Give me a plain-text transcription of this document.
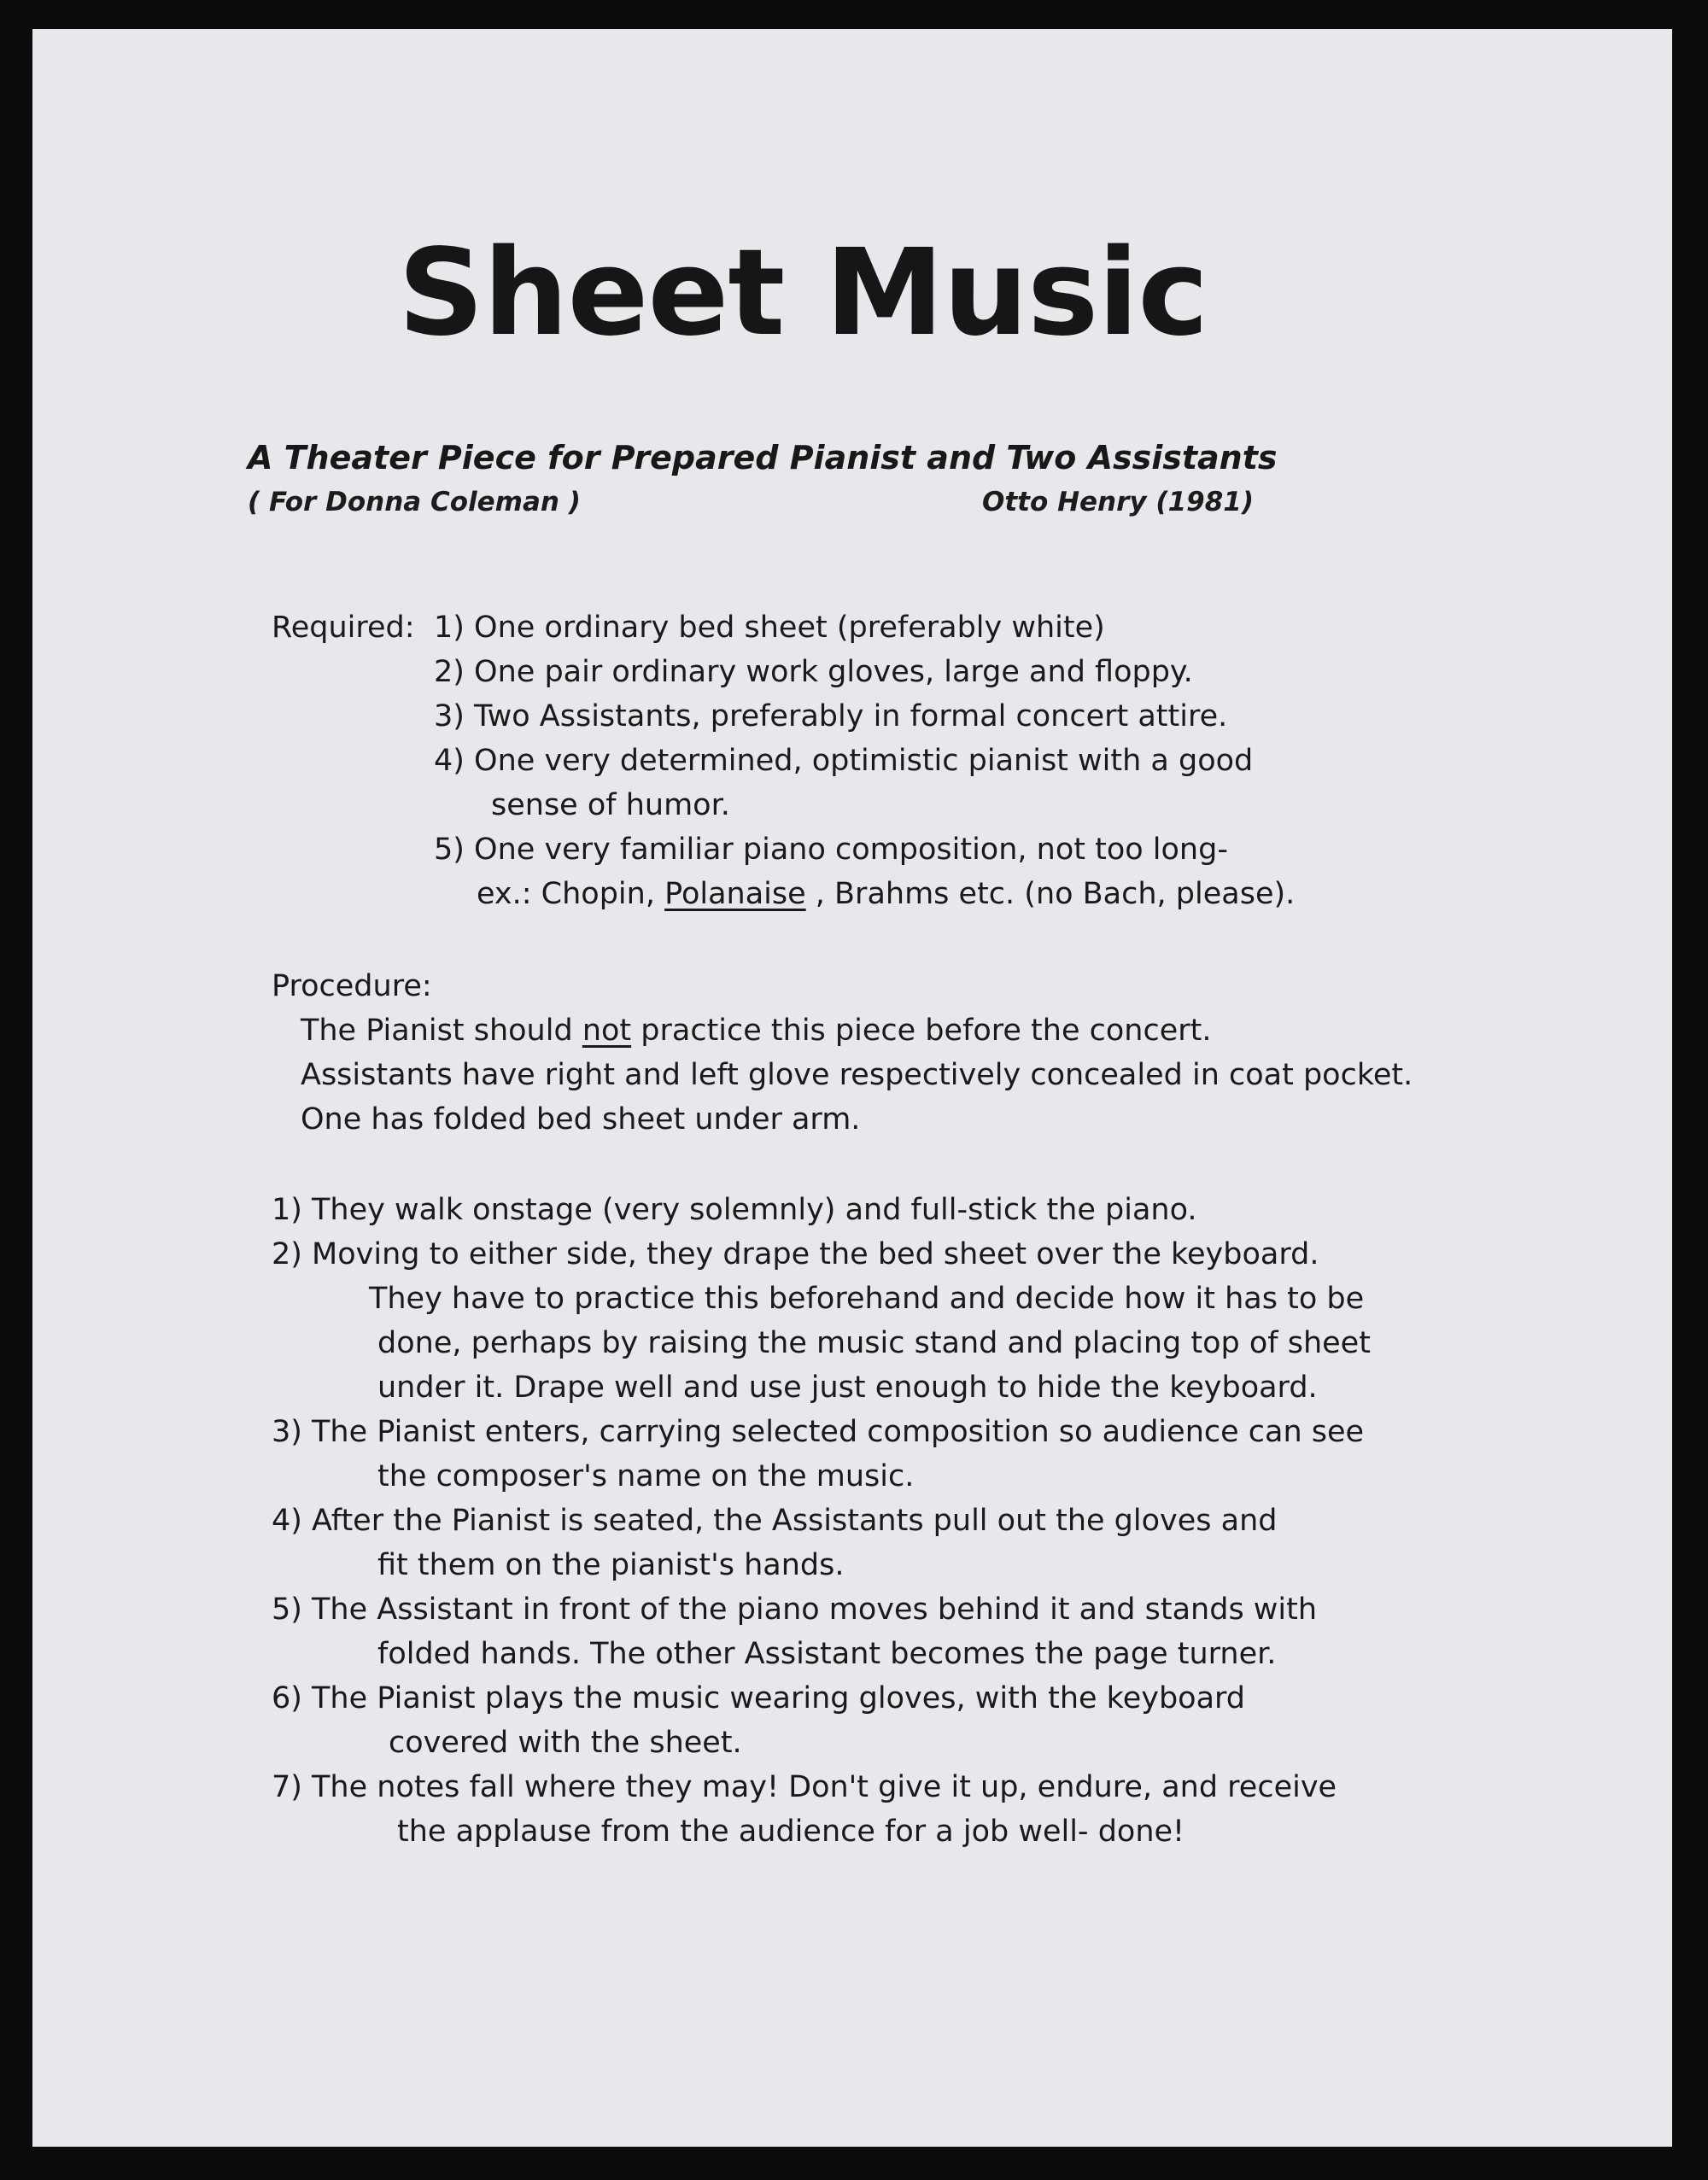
Sheet Music
A Theater Piece for Prepared Pianist and Two Assistants
( For Donna Coleman )	Otto Henry (1981)
Required: 1) One ordinary bed sheet (preferably white)
2) One pair ordinary work gloves, large and floppy.
3) Two Assistants, preferably in formal concert attire.
4) One very determined, optimistic pianist with a good
sense of humor.
5) One very familiar piano composition, not too long-
ex.: Chopin, Polanaise , Brahms etc. (no Bach, please).
Procedure:
The Pianist should not practice this piece before the concert.
Assistants have right and left glove respectively concealed in coat pocket.
One has folded bed sheet under arm.
1) They walk onstage (very solemnly) and full-stick the piano.
2) Moving to either side, they drape the bed sheet over the keyboard.
They have to practice this beforehand and decide how it has to be
done, perhaps by raising the music stand and placing top of sheet
under it. Drape well and use just enough to hide the keyboard.
3) The Pianist enters, carrying selected composition so audience can see
the composer's name on the music.
4) After the Pianist is seated, the Assistants pull out the gloves and
fit them on the pianist's hands.
5) The Assistant in front of the piano moves behind it and stands with
folded hands. The other Assistant becomes the page turner.
6) The Pianist plays the music wearing gloves, with the keyboard
covered with the sheet.
7) The notes fall where they may! Don't give it up, endure, and receive
the applause from the audience for a job well- done!
